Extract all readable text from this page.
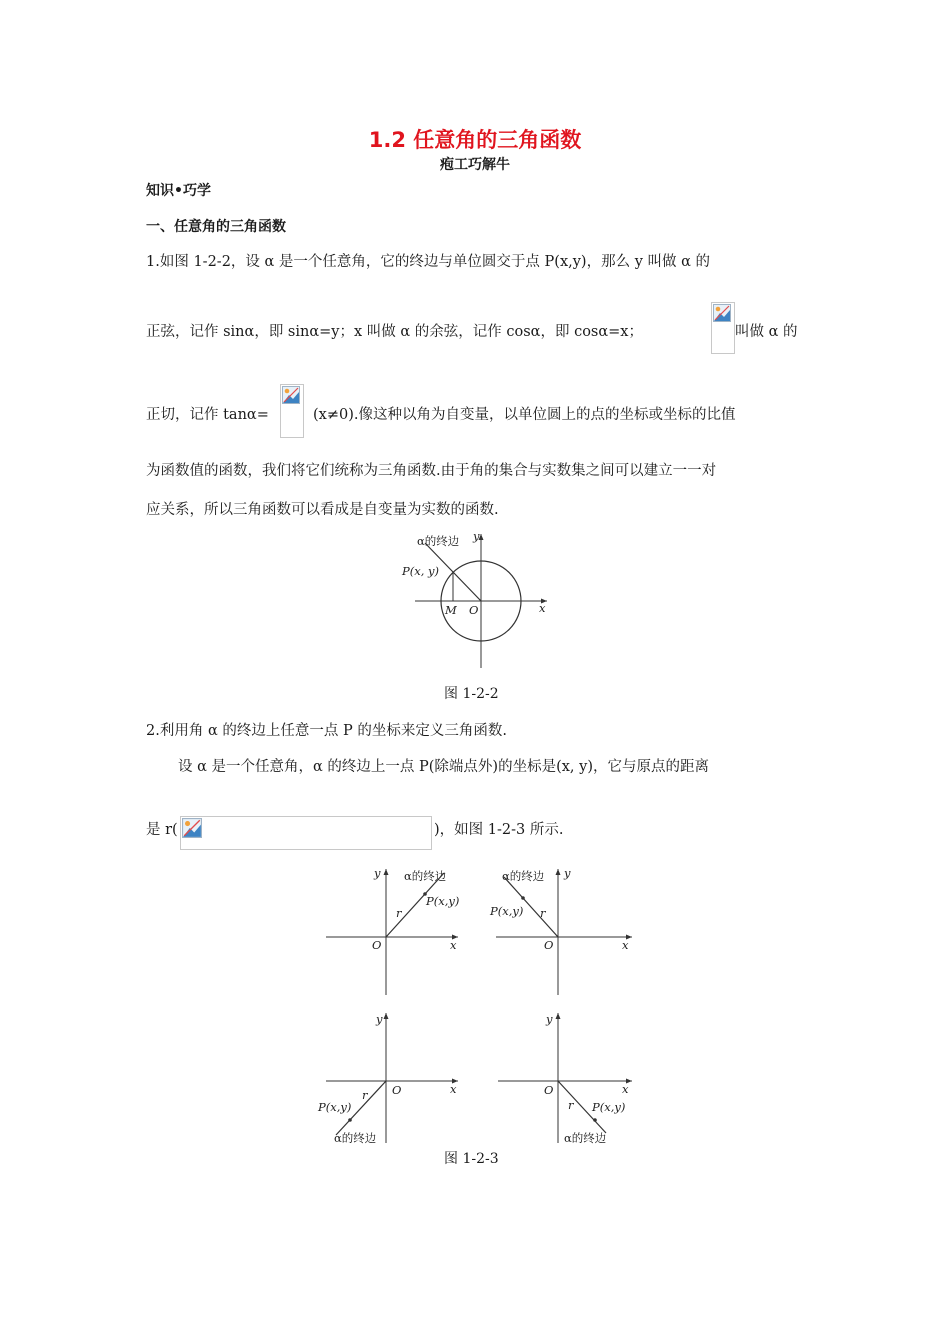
1.2 任意角的三角函数
疱工巧解牛
知识•巧学
一、任意角的三角函数
1.如图 1-2-2，设 α 是一个任意角，它的终边与单位圆交于点 P(x,y)，那么 y 叫做 α 的
正弦，记作 sinα，即 sinα=y；x 叫做 α 的余弦，记作 cosα，即 cosα=x；	叫做 α 的
正切，记作 tanα=	(x≠0).像这种以角为自变量，以单位圆上的点的坐标或坐标的比值
为函数值的函数，我们将它们统称为三角函数.由于角的集合与实数集之间可以建立一一对
应关系，所以三角函数可以看成是自变量为实数的函数.
α的终边
P(x, y)
M O	x
y
图 1-2-2
2.利用角 α 的终边上任意一点 P 的坐标来定义三角函数.
设 α 是一个任意角，α 的终边上一点 P(除端点外)的坐标是(x, y)，它与原点的距离
是 r(	)，如图 1-2-3 所示.
α的终边
P(x,y)
r
O	x
y	α的终边
P(x,y) r
O	x
y
P(x,y)
r O	x
y
α的终边
P(x,y)
r
O	x
y
α的终边
图 1-2-3
